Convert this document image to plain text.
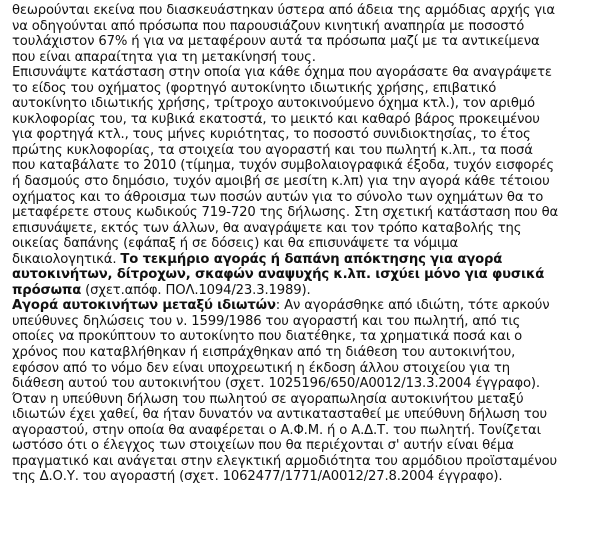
θεωρούνται εκείνα που διασκευάστηκαν ύστερα από άδεια της αρμόδιας αρχής για
να οδηγούνται από πρόσωπα που παρουσιάζουν κινητική αναπηρία με ποσοστό
τουλάχιστον 67% ή για να μεταφέρουν αυτά τα πρόσωπα μαζί με τα αντικείμενα
που είναι απαραίτητα για τη μετακίνησή τους.
Επισυνάψτε κατάσταση στην οποία για κάθε όχημα που αγοράσατε θα αναγράψετε
το είδος του οχήματος (φορτηγό αυτοκίνητο ιδιωτικής χρήσης, επιβατικό
αυτοκίνητο ιδιωτικής χρήσης, τρίτροχο αυτοκινούμενο όχημα κτλ.), τον αριθμό
κυκλοφορίας του, τα κυβικά εκατοστά, το μεικτό και καθαρό βάρος προκειμένου
για φορτηγά κτλ., τους μήνες κυριότητας, το ποσοστό συνιδιοκτησίας, το έτος
πρώτης κυκλοφορίας, τα στοιχεία του αγοραστή και του πωλητή κ.λπ., τα ποσά
που καταβάλατε το 2010 (τίμημα, τυχόν συμβολαιογραφικά έξοδα, τυχόν εισφορές
ή δασμούς στο δημόσιο, τυχόν αμοιβή σε μεσίτη κ.λπ) για την αγορά κάθε τέτοιου
οχήματος και το άθροισμα των ποσών αυτών για το σύνολο των οχημάτων θα το
μεταφέρετε στους κωδικούς 719-720 της δήλωσης. Στη σχετική κατάσταση που θα
επισυνάψετε, εκτός των άλλων, θα αναγράψετε και τον τρόπο καταβολής της
οικείας δαπάνης (εφάπαξ ή σε δόσεις) και θα επισυνάψετε τα νόμιμα
δικαιολογητικά. Το τεκμήριο αγοράς ή δαπάνη απόκτησης για αγορά
αυτοκινήτων, δίτροχων, σκαφών αναψυχής κ.λπ. ισχύει μόνο για φυσικά
πρόσωπα (σχετ.απόφ. ΠΟΛ.1094/23.3.1989).
Αγορά αυτοκινήτων μεταξύ ιδιωτών: Αν αγοράσθηκε από ιδιώτη, τότε αρκούν
υπεύθυνες δηλώσεις του ν. 1599/1986 του αγοραστή και του πωλητή, από τις
οποίες να προκύπτουν το αυτοκίνητο που διατέθηκε, τα χρηματικά ποσά και ο
χρόνος που καταβλήθηκαν ή εισπράχθηκαν από τη διάθεση του αυτοκινήτου,
εφόσον από το νόμο δεν είναι υποχρεωτική η έκδοση άλλου στοιχείου για τη
διάθεση αυτού του αυτοκινήτου (σχετ. 1025196/650/Α0012/13.3.2004 έγγραφο).
Όταν η υπεύθυνη δήλωση του πωλητού σε αγοραπωλησία αυτοκινήτου μεταξύ
ιδιωτών έχει χαθεί, θα ήταν δυνατόν να αντικατασταθεί με υπεύθυνη δήλωση του
αγοραστού, στην οποία θα αναφέρεται ο Α.Φ.Μ. ή ο Α.Δ.Τ. του πωλητή. Τονίζεται
ωστόσο ότι ο έλεγχος των στοιχείων που θα περιέχονται σ' αυτήν είναι θέμα
πραγματικό και ανάγεται στην ελεγκτική αρμοδιότητα του αρμόδιου προϊσταμένου
της Δ.Ο.Υ. του αγοραστή (σχετ. 1062477/1771/Α0012/27.8.2004 έγγραφο).
